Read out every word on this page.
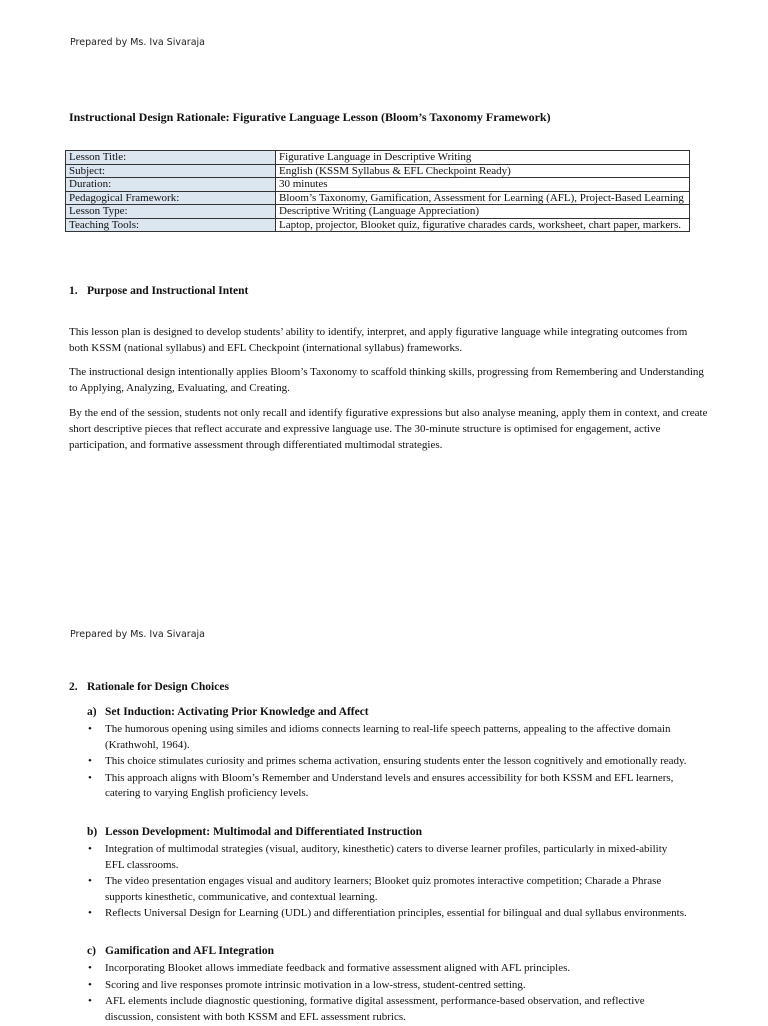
Prepared by Ms. Iva Sivaraja
Instructional Design Rationale: Figurative Language Lesson (Bloom’s Taxonomy Framework)
Lesson Title:	Figurative Language in Descriptive Writing
Subject:	English (KSSM Syllabus & EFL Checkpoint Ready)
Duration:	30 minutes
Pedagogical Framework:	Bloom’s Taxonomy, Gamification, Assessment for Learning (AFL), Project-Based Learning
Lesson Type:	Descriptive Writing (Language Appreciation)
Teaching Tools:	Laptop, projector, Blooket quiz, figurative charades cards, worksheet, chart paper, markers.
1. Purpose and Instructional Intent

This lesson plan is designed to develop students’ ability to identify, interpret, and apply figurative language while integrating outcomes from both KSSM (national syllabus) and EFL Checkpoint (international syllabus) frameworks.

The instructional design intentionally applies Bloom’s Taxonomy to scaffold thinking skills, progressing from Remembering and Understanding to Applying, Analyzing, Evaluating, and Creating.

By the end of the session, students not only recall and identify figurative expressions but also analyse meaning, apply them in context, and create short descriptive pieces that reflect accurate and expressive language use. The 30-minute structure is optimised for engagement, active participation, and formative assessment through differentiated multimodal strategies.

Prepared by Ms. Iva Sivaraja
2. Rationale for Design Choices
a) Set Induction: Activating Prior Knowledge and Affect
• The humorous opening using similes and idioms connects learning to real-life speech patterns, appealing to the affective domain (Krathwohl, 1964).
• This choice stimulates curiosity and primes schema activation, ensuring students enter the lesson cognitively and emotionally ready.
• This approach aligns with Bloom’s Remember and Understand levels and ensures accessibility for both KSSM and EFL learners, catering to varying English proficiency levels.
b) Lesson Development: Multimodal and Differentiated Instruction
• Integration of multimodal strategies (visual, auditory, kinesthetic) caters to diverse learner profiles, particularly in mixed-ability EFL classrooms.
• The video presentation engages visual and auditory learners; Blooket quiz promotes interactive competition; Charade a Phrase supports kinesthetic, communicative, and contextual learning.
• Reflects Universal Design for Learning (UDL) and differentiation principles, essential for bilingual and dual syllabus environments.
c) Gamification and AFL Integration
• Incorporating Blooket allows immediate feedback and formative assessment aligned with AFL principles.
• Scoring and live responses promote intrinsic motivation in a low-stress, student-centred setting.
• AFL elements include diagnostic questioning, formative digital assessment, performance-based observation, and reflective discussion, consistent with both KSSM and EFL assessment rubrics.
